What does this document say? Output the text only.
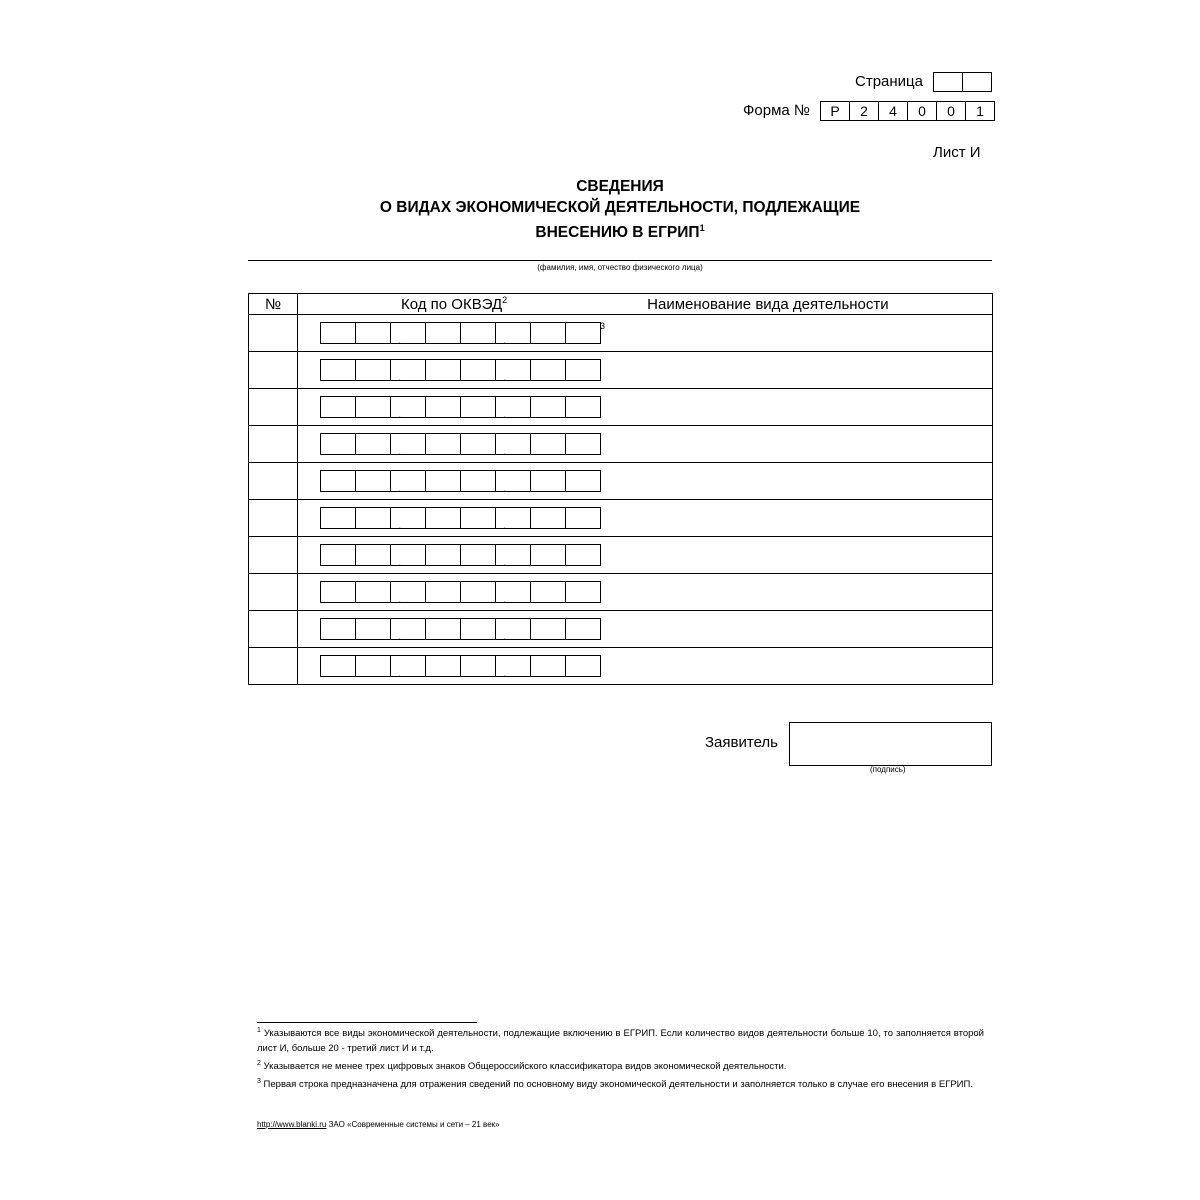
Страница
Форма №	Р	2	4	0	0	1
Лист И
СВЕДЕНИЯ
О ВИДАХ ЭКОНОМИЧЕСКОЙ ДЕЯТЕЛЬНОСТИ, ПОДЛЕЖАЩИЕ
ВНЕСЕНИЮ В ЕГРИП$^1$
(фамилия, имя, отчество физического лица)
№	Код по ОКВЭД$^2$ Наименование вида деятельности

	. .
3

	. .

	. .

	. .

	. .

	. .

	. .

	. .

	. .

	. .
Заявитель
(подпись)

$^1$ Указываются все виды экономической деятельности, подлежащие включению в ЕГРИП. Если количество видов деятельности больше 10, то заполняется второй лист И, больше 20 - третий лист И и т.д.

$^2$ Указывается не менее трех цифровых знаков Общероссийского классификатора видов экономической деятельности.

$^3$ Первая строка предназначена для отражения сведений по основному виду экономической деятельности и заполняется только в случае его внесения в ЕГРИП.

http://www.blanki.ru ЗАО «Современные системы и сети – 21 век»
